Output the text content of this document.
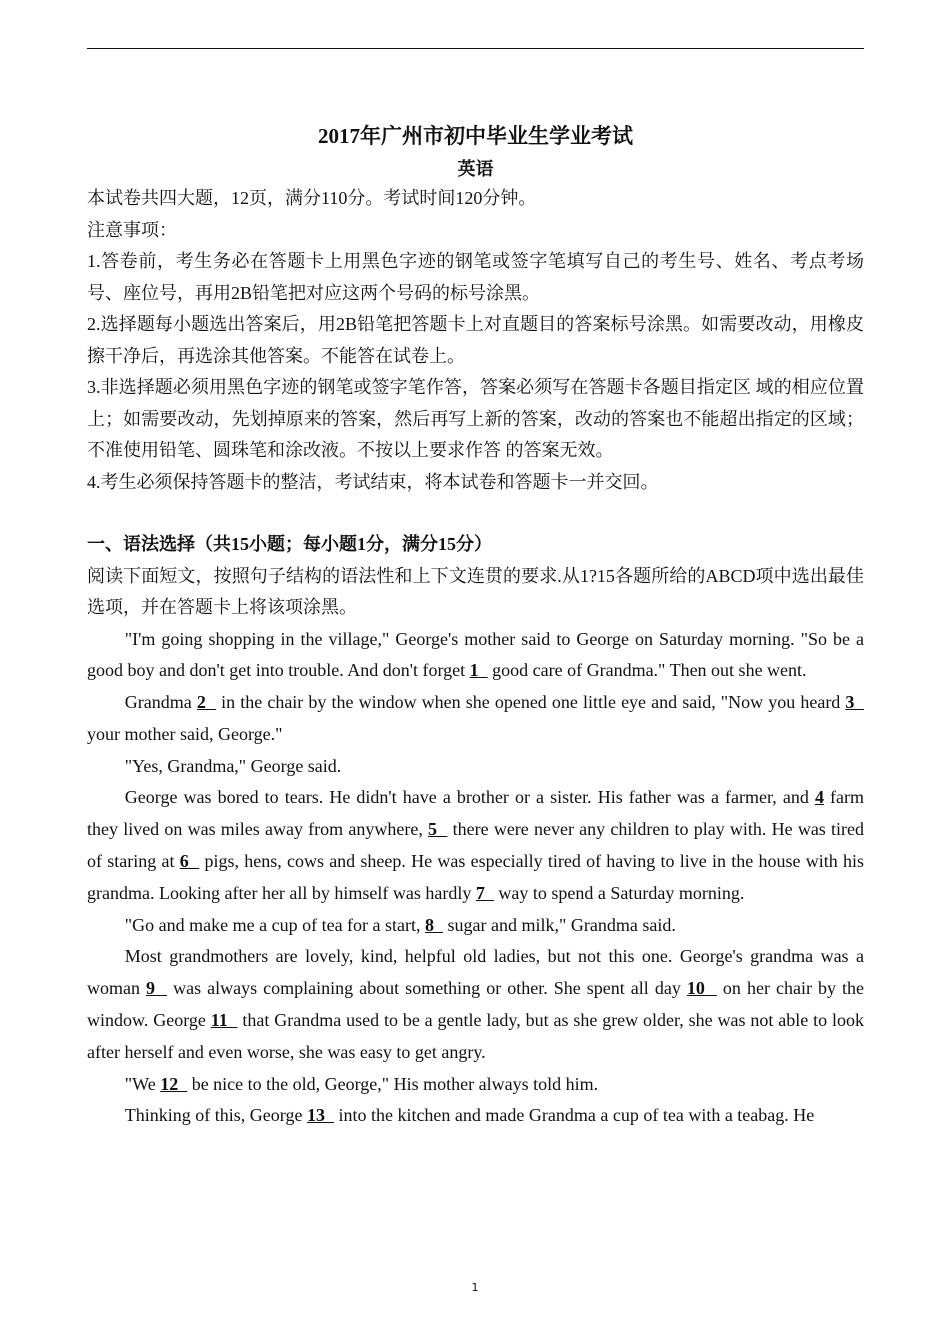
2017年广州市初中毕业生学业考试
英语

本试卷共四大题，12页，满分110分。考试时间120分钟。

注意事项：

1.答卷前，考生务必在答题卡上用黑色字迹的钢笔或签字笔填写自己的考生号、姓名、考点考场号、座位号，再用2B铅笔把对应这两个号码的标号涂黑。

2.选择题每小题选出答案后，用2B铅笔把答题卡上对直题目的答案标号涂黑。如需要改动，用橡皮擦干净后，再选涂其他答案。不能答在试卷上。

3.非选择题必须用黑色字迹的钢笔或签字笔作答，答案必须写在答题卡各题目指定区 域的相应位置上；如需要改动，先划掉原来的答案，然后再写上新的答案，改动的答案也不能超出指定的区域；不准使用铅笔、圆珠笔和涂改液。不按以上要求作答 的答案无效。

4.考生必须保持答题卡的整洁，考试结束，将本试卷和答题卡一并交回。

一、语法选择（共15小题；每小题1分，满分15分）

阅读下面短文，按照句子结构的语法性和上下文连贯的要求.从1?15各题所给的ABCD项中选出最佳选项，并在答题卡上将该项涂黑。

"I'm going shopping in the village," George's mother said to George on Saturday morning. "So be a good boy and don't get into trouble. And don't forget 1   good care of Grandma." Then out she went.

Grandma 2   in the chair by the window when she opened one little eye and said, "Now you heard 3   your mother said, George."

"Yes, Grandma," George said.

George was bored to tears. He didn't have a brother or a sister. His father was a farmer, and 4 farm they lived on was miles away from anywhere, 5   there were never any children to play with. He was tired of staring at 6   pigs, hens, cows and sheep. He was especially tired of having to live in the house with his grandma. Looking after her all by himself was hardly 7   way to spend a Saturday morning.

"Go and make me a cup of tea for a start, 8   sugar and milk," Grandma said.

Most grandmothers are lovely, kind, helpful old ladies, but not this one. George's grandma was a woman 9   was always complaining about something or other. She spent all day 10   on her chair by the window. George 11   that Grandma used to be a gentle lady, but as she grew older, she was not able to look after herself and even worse, she was easy to get angry.

"We 12   be nice to the old, George," His mother always told him.

Thinking of this, George 13   into the kitchen and made Grandma a cup of tea with a teabag. He

1
